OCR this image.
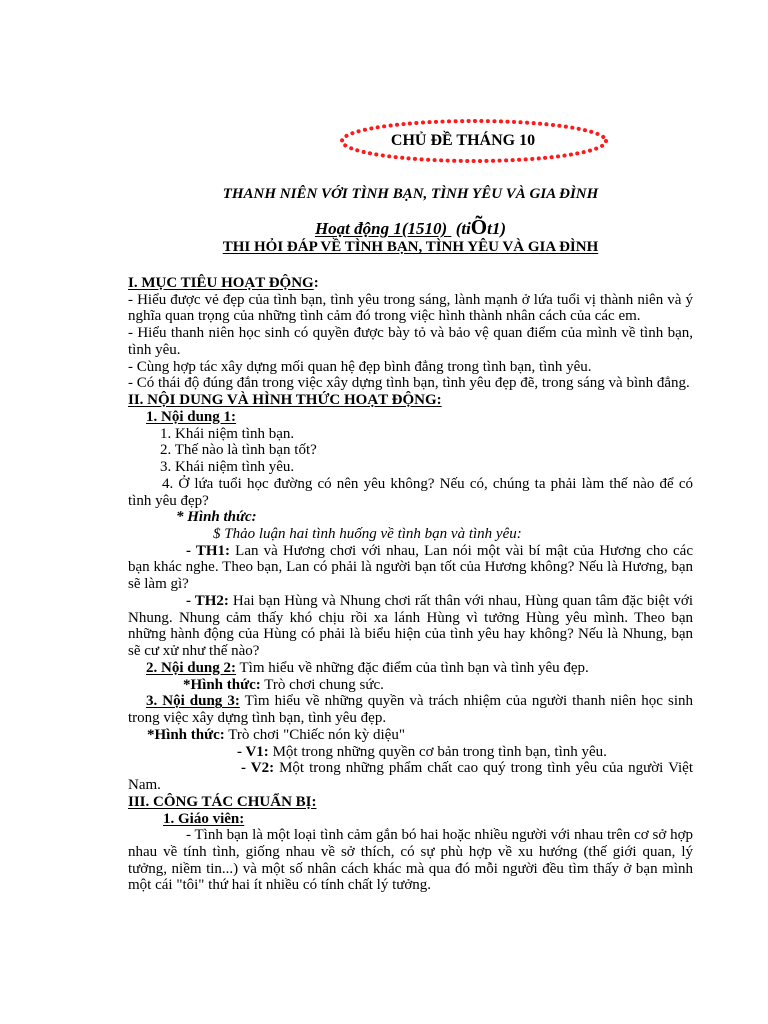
CHỦ ĐỀ THÁNG 10
THANH NIÊN VỚI TÌNH BẠN, TÌNH YÊU VÀ GIA ĐÌNH
Hoạt động 1(1510) (tiÕt1)
THI HỎI ĐÁP VỀ TÌNH BẠN, TÌNH YÊU VÀ GIA ĐÌNH
I. MỤC TIÊU HOẠT ĐỘNG:
- Hiểu được vẻ đẹp của tình bạn, tình yêu trong sáng, lành mạnh ở lứa tuổi vị thành niên và ý nghĩa quan trọng của những tình cảm đó trong việc hình thành nhân cách của các em.
- Hiểu thanh niên học sinh có quyền được bày tỏ và bảo vệ quan điểm của mình về tình bạn, tình yêu.
- Cùng hợp tác xây dựng mối quan hệ đẹp bình đẳng trong tình bạn, tình yêu.
- Có thái độ đúng đắn trong việc xây dựng tình bạn, tình yêu đẹp đẽ, trong sáng và bình đẳng.
II. NỘI DUNG VÀ HÌNH THỨC HOẠT ĐỘNG:
1. Nội dung 1:
1. Khái niệm tình bạn.
2. Thế nào là tình bạn tốt?
3. Khái niệm tình yêu.
4. Ở lứa tuổi học đường có nên yêu không? Nếu có, chúng ta phải làm thế nào để có tình yêu đẹp?
* Hình thức:
$ Thảo luận hai tình huống về tình bạn và tình yêu:
- TH1: Lan và Hương chơi với nhau, Lan nói một vài bí mật của Hương cho các bạn khác nghe. Theo bạn, Lan có phải là người bạn tốt của Hương không? Nếu là Hương, bạn sẽ làm gì?
- TH2: Hai bạn Hùng và Nhung chơi rất thân với nhau, Hùng quan tâm đặc biệt với Nhung. Nhung cảm thấy khó chịu rồi xa lánh Hùng vì tưởng Hùng yêu mình. Theo bạn những hành động của Hùng có phải là biểu hiện của tình yêu hay không? Nếu là Nhung, bạn sẽ cư xử như thế nào?
2. Nội dung 2: Tìm hiểu về những đặc điểm của tình bạn và tình yêu đẹp.
*Hình thức: Trò chơi chung sức.
3. Nội dung 3: Tìm hiểu về những quyền và trách nhiệm của người thanh niên học sinh trong việc xây dựng tình bạn, tình yêu đẹp.
*Hình thức: Trò chơi "Chiếc nón kỳ diệu"
- V1: Một trong những quyền cơ bản trong tình bạn, tình yêu.
- V2: Một trong những phẩm chất cao quý trong tình yêu của người Việt Nam.
III. CÔNG TÁC CHUẨN BỊ:
1. Giáo viên:
- Tình bạn là một loại tình cảm gắn bó hai hoặc nhiều người với nhau trên cơ sở hợp nhau về tính tình, giống nhau về sở thích, có sự phù hợp về xu hướng (thế giới quan, lý tưởng, niềm tin...) và một số nhân cách khác mà qua đó mỗi người đều tìm thấy ở bạn mình một cái "tôi" thứ hai ít nhiều có tính chất lý tưởng.
